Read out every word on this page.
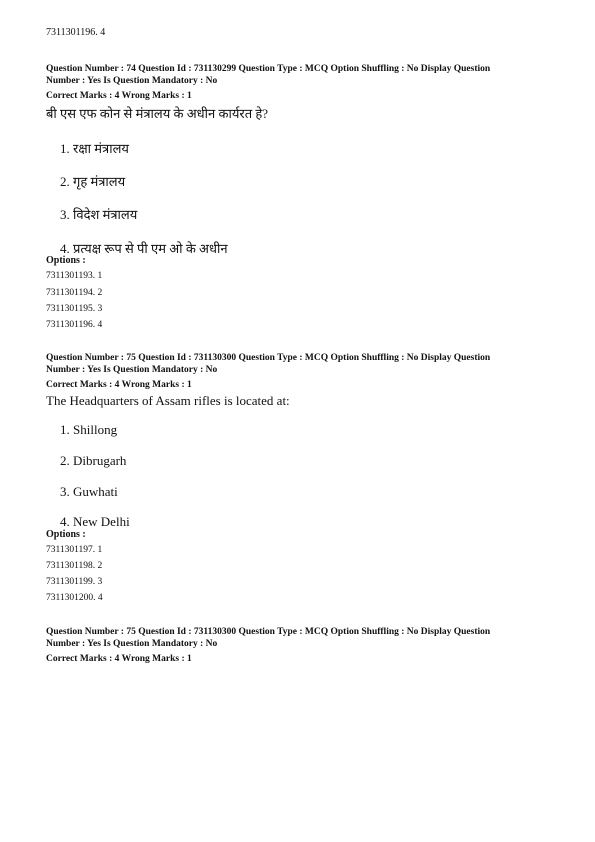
7311301196. 4
Question Number : 74 Question Id : 731130299 Question Type : MCQ Option Shuffling : No Display Question
Number : Yes Is Question Mandatory : No
Correct Marks : 4 Wrong Marks : 1
बी एस एफ कोन से मंत्रालय के अधीन कार्यरत हे?
1. रक्षा मंत्रालय
2. गृह मंत्रालय
3. विदेश मंत्रालय
4. प्रत्यक्ष रूप से पी एम ओ के अधीन
Options :
7311301193. 1
7311301194. 2
7311301195. 3
7311301196. 4
Question Number : 75 Question Id : 731130300 Question Type : MCQ Option Shuffling : No Display Question
Number : Yes Is Question Mandatory : No
Correct Marks : 4 Wrong Marks : 1
The Headquarters of Assam rifles is located at:
1. Shillong
2. Dibrugarh
3. Guwhati
4. New Delhi
Options :
7311301197. 1
7311301198. 2
7311301199. 3
7311301200. 4
Question Number : 75 Question Id : 731130300 Question Type : MCQ Option Shuffling : No Display Question
Number : Yes Is Question Mandatory : No
Correct Marks : 4 Wrong Marks : 1
